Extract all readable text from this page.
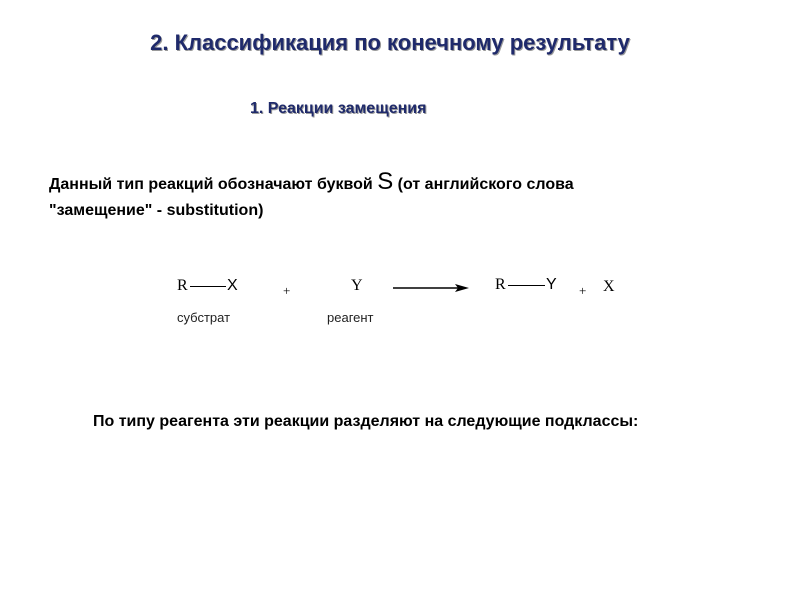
2. Классификация по конечному результату
1. Реакции замещения
Данный тип реакций обозначают буквой S (от английского слова
"замещение" - substitution)
R X	+	Y	R	Y + X
субстрат	реагент
По типу реагента эти реакции разделяют на следующие подклассы:
